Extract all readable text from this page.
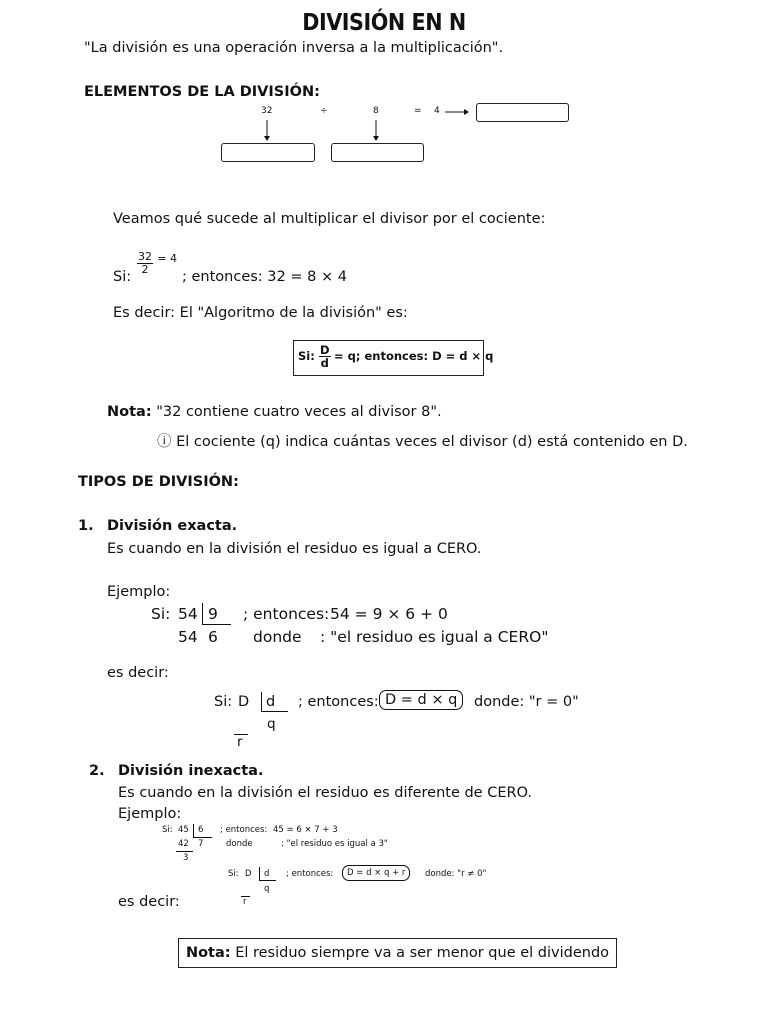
DIVISIÓN EN N
"La división es una operación inversa a la multiplicación".
ELEMENTOS DE LA DIVISIÓN:
32	÷	8	= 4
Veamos qué sucede al multiplicar el divisor por el cociente:
Si:
$\frac{32}{2} ^{= 4}$
; entonces: 32 = 8 × 4
Es decir: El "Algoritmo de la división" es:
Si: $\frac{D}{d} = q$; entonces: D = d × q
Nota: "32 contiene cuatro veces al divisor 8".
ⓘ El cociente (q) indica cuántas veces el divisor (d) está contenido en D.
TIPOS DE DIVISIÓN:
1. División exacta.
Es cuando en la división el residuo es igual a CERO.
Ejemplo:
Si: 54 9 ; entonces: 54 = 9 × 6 + 0
54 6 donde : "el residuo es igual a CERO"
es decir:
Si: D d
q
r
; entonces: D = d × q	donde: "r = 0"
2. División inexacta.
Es cuando en la división el residuo es diferente de CERO.
Ejemplo:
Si: 45 6 ; entonces: 45 = 6 × 7 + 3
42 7	donde	: "el residuo es igual a 3"
3
Si: D d
q
r
; entonces:	D = d × q + r	donde: "r ≠ 0"
es decir:
Nota:
El residuo siempre va a ser menor que el dividendo
